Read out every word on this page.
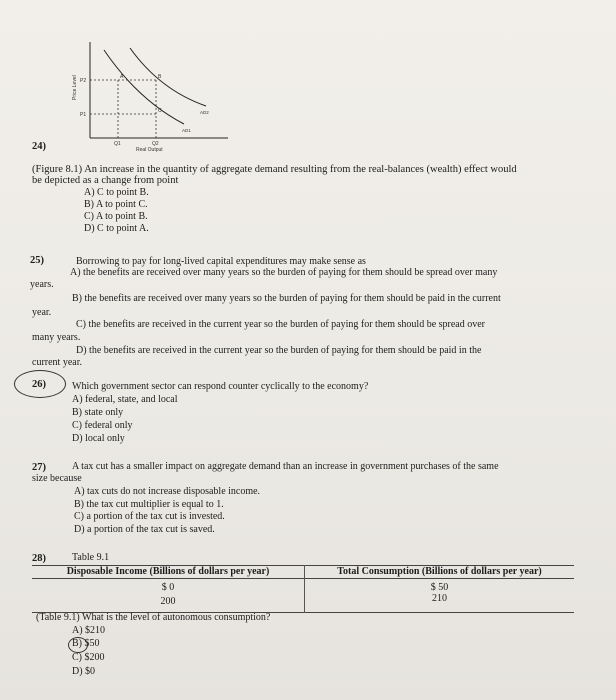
Price Level
Real Output
P2
P1
AD1
AD2
A	B
C
Q1	Q2
24)
(Figure 8.1) An increase in the quantity of aggregate demand resulting from the real-balances (wealth) effect would
be depicted as a change from point
A) C to point B.
B) A to point C.
C) A to point B.
D) C to point A.
25)	Borrowing to pay for long-lived capital expenditures may make sense as
A) the benefits are received over many years so the burden of paying for them should be spread over many
years.
B) the benefits are received over many years so the burden of paying for them should be paid in the current
year.
C) the benefits are received in the current year so the burden of paying for them should be spread over
many years.
D) the benefits are received in the current year so the burden of paying for them should be paid in the
current year.
26)	Which government sector can respond counter cyclically to the economy?
A) federal, state, and local
B) state only
C) federal only
D) local only
27)	A tax cut has a smaller impact on aggregate demand than an increase in government purchases of the same
size because
A) tax cuts do not increase disposable income.
B) the tax cut multiplier is equal to 1.
C) a portion of the tax cut is invested.
D) a portion of the tax cut is saved.
28)	Table 9.1
Disposable Income (Billions of dollars per year)	Total Consumption (Billions of dollars per year)
$ 0	$ 50
200	210
(Table 9.1) What is the level of autonomous consumption?
A) $210
B) $50
C) $200
D) $0
